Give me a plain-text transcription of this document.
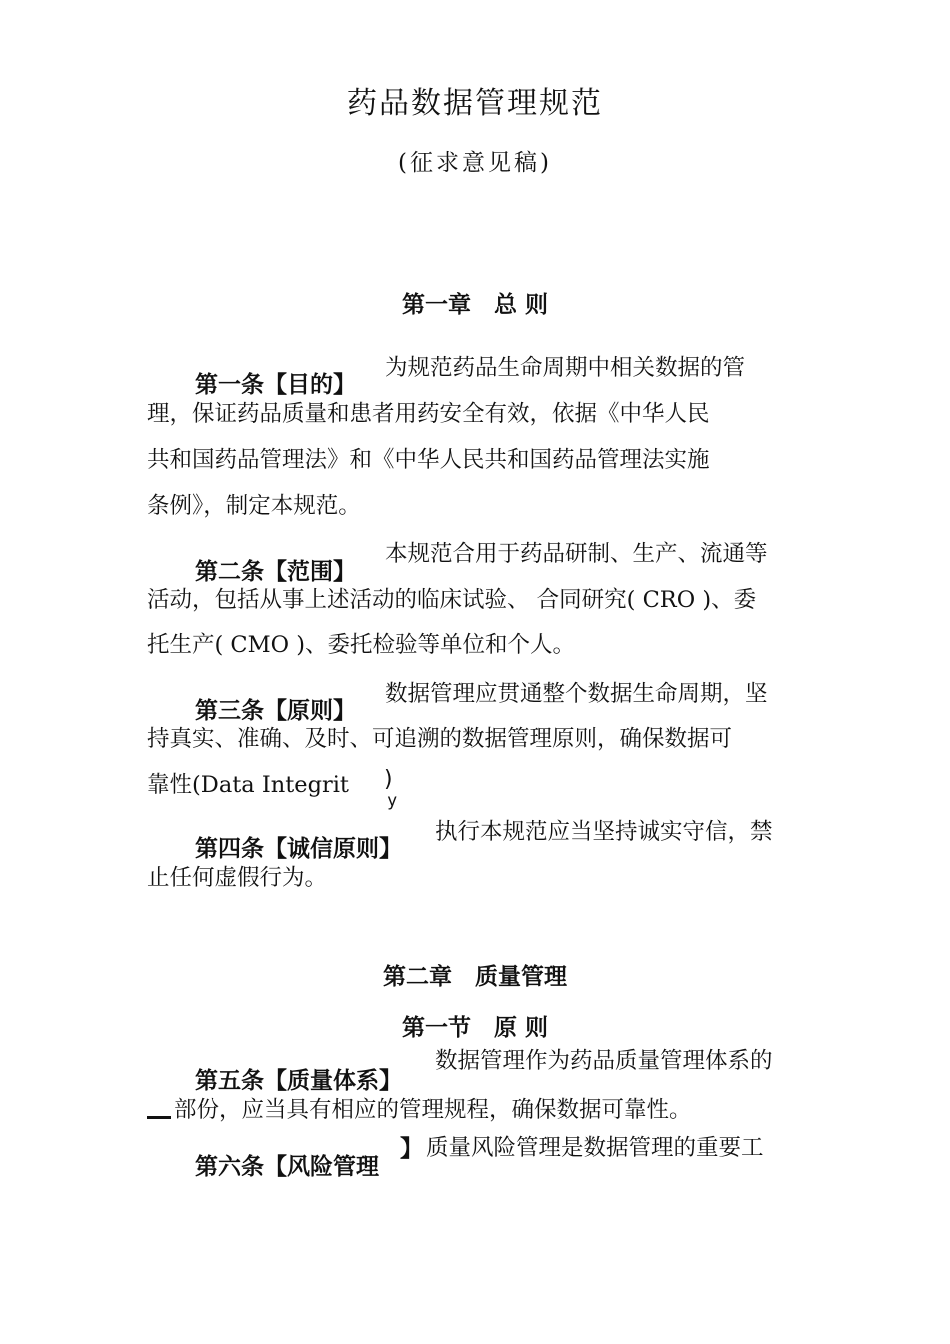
药品数据管理规范
(征求意见稿)
第一章　总 则
第一条【目的】
为规范药品生命周期中相关数据的管
理，保证药品质量和患者用药安全有效，依据《中华人民
共和国药品管理法》和《中华人民共和国药品管理法实施
条例》，制定本规范。
第二条【范围】
本规范合用于药品研制、生产、流通等
活动，包括从事上述活动的临床试验、 合同研究( CRO )、委
托生产( CMO )、委托检验等单位和个人。
第三条【原则】
数据管理应贯通整个数据生命周期，坚
持真实、准确、及时、可追溯的数据管理原则，确保数据可
靠性(Data Integrit )
y
第四条【诚信原则】
执行本规范应当坚持诚实守信，禁
止任何虚假行为。
第二章　质量管理
第一节　原 则
第五条【质量体系】
数据管理作为药品质量管理体系的
部份，应当具有相应的管理规程，确保数据可靠性。
第六条【风险管理
】 质量风险管理是数据管理的重要工
